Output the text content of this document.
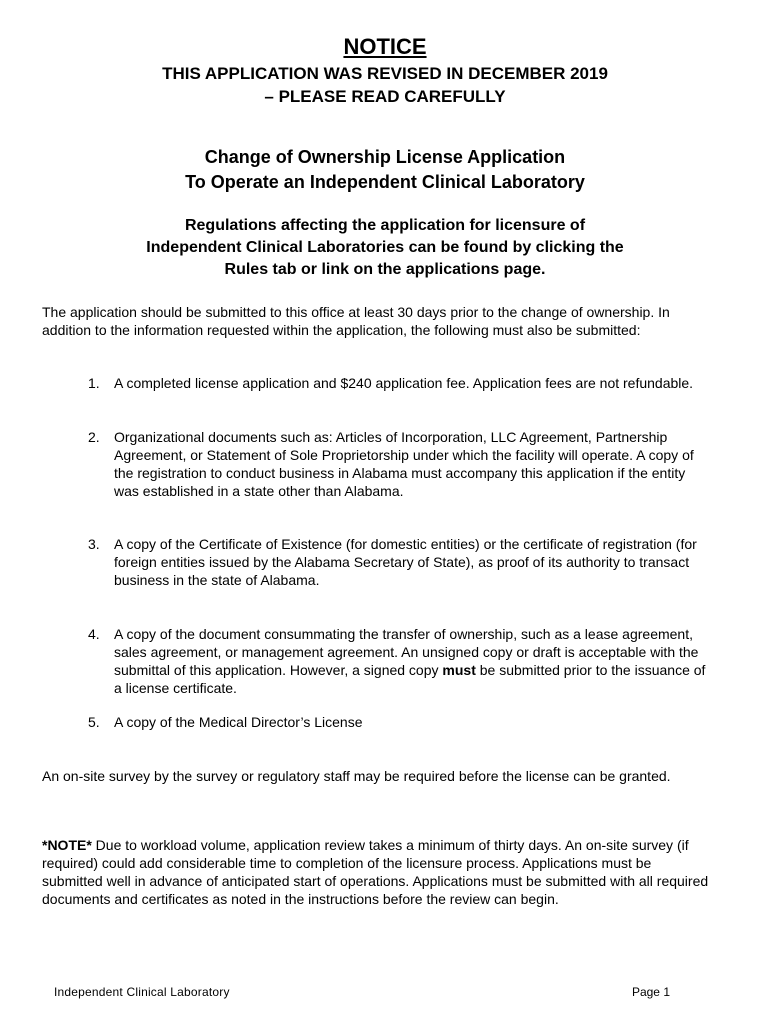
NOTICE
THIS APPLICATION WAS REVISED IN DECEMBER 2019
– PLEASE READ CAREFULLY
Change of Ownership License Application
To Operate an Independent Clinical Laboratory
Regulations affecting the application for licensure of
Independent Clinical Laboratories can be found by clicking the
Rules tab or link on the applications page.

The application should be submitted to this office at least 30 days prior to the change of ownership. In addition to the information requested within the application, the following must also be submitted:

1.	A completed license application and $240 application fee. Application fees are not refundable.
2.	Organizational documents such as: Articles of Incorporation, LLC Agreement, Partnership Agreement, or Statement of Sole Proprietorship under which the facility will operate. A copy of the registration to conduct business in Alabama must accompany this application if the entity was established in a state other than Alabama.
3.	A copy of the Certificate of Existence (for domestic entities) or the certificate of registration (for foreign entities issued by the Alabama Secretary of State), as proof of its authority to transact business in the state of Alabama.
4.	A copy of the document consummating the transfer of ownership, such as a lease agreement, sales agreement, or management agreement. An unsigned copy or draft is acceptable with the submittal of this application. However, a signed copy must be submitted prior to the issuance of a license certificate.
5.	A copy of the Medical Director’s License

An on-site survey by the survey or regulatory staff may be required before the license can be granted.

*NOTE* Due to workload volume, application review takes a minimum of thirty days. An on-site survey (if required) could add considerable time to completion of the licensure process. Applications must be submitted well in advance of anticipated start of operations. Applications must be submitted with all required documents and certificates as noted in the instructions before the review can begin.

Independent Clinical Laboratory	Page 1
